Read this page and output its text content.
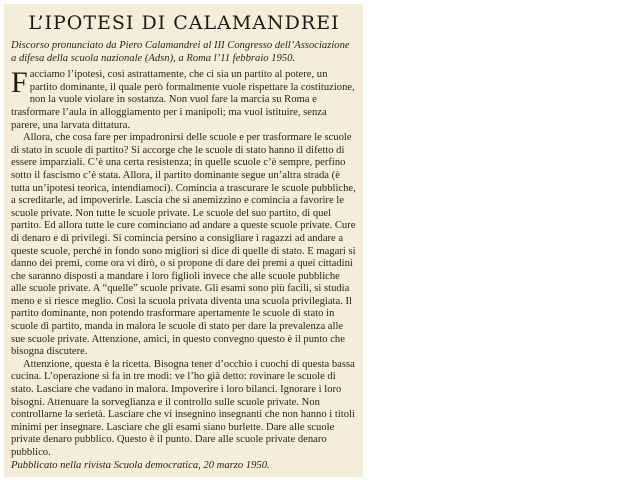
L’IPOTESI DI CALAMANDREI

Discorso pronunciato da Piero Calamandrei al III Congresso dell’Associazione a difesa della scuola nazionale (Adsn), a Roma l’11 febbraio 1950.

Facciamo l’ipotesi, così astrattamente, che ci sia un partito al potere, un partito dominante, il quale però formalmente vuole rispettare la costituzione, non la vuole violare in sostanza. Non vuol fare la marcia su Roma e trasformare l’aula in alloggiamento per i manipoli; ma vuol istituire, senza parere, una larvata dittatura.

Allora, che cosa fare per impadronirsi delle scuole e per trasformare le scuole di stato in scuole di partito? Si accorge che le scuole di stato hanno il difetto di essere imparziali. C’è una certa resistenza; in quelle scuole c’è sempre, perfino sotto il fascismo c’è stata. Allora, il partito dominante segue un’altra strada (è tutta un’ipotesi teorica, intendiamoci). Comincia a trascurare le scuole pubbliche, a screditarle, ad impoverirle. Lascia che si anemizzino e comincia a favorire le scuole private. Non tutte le scuole private. Le scuole del suo partito, di quel partito. Ed allora tutte le cure cominciano ad andare a queste scuole private. Cure di denaro e di privilegi. Si comincia persino a consigliare i ragazzi ad andare a queste scuole, perché in fondo sono migliori si dice di quelle di stato. E magari si danno dei premi, come ora vi dirò, o si propone di dare dei premi a quei cittadini che saranno disposti a mandare i loro figlioli invece che alle scuole pubbliche alle scuole private. A “quelle” scuole private. Gli esami sono più facili, si studia meno e si riesce meglio. Così la scuola privata diventa una scuola privilegiata. Il partito dominante, non potendo trasformare apertamente le scuole di stato in scuole di partito, manda in malora le scuole di stato per dare la prevalenza alle sue scuole private. Attenzione, amici, in questo convegno questo è il punto che bisogna discutere.

Attenzione, questa è la ricetta. Bisogna tener d’occhio i cuochi di questa bassa cucina. L’operazione si fa in tre modi: ve l’ho già detto: rovinare le scuole di stato. Lasciare che vadano in malora. Impoverire i loro bilanci. Ignorare i loro bisogni. Attenuare la sorveglianza e il controllo sulle scuole private. Non controllarne la serietà. Lasciare che vi insegnino insegnanti che non hanno i titoli minimi per insegnare. Lasciare che gli esami siano burlette. Dare alle scuole private denaro pubblico. Questo è il punto. Dare alle scuole private denaro pubblico.

Pubblicato nella rivista Scuola democratica, 20 marzo 1950.
